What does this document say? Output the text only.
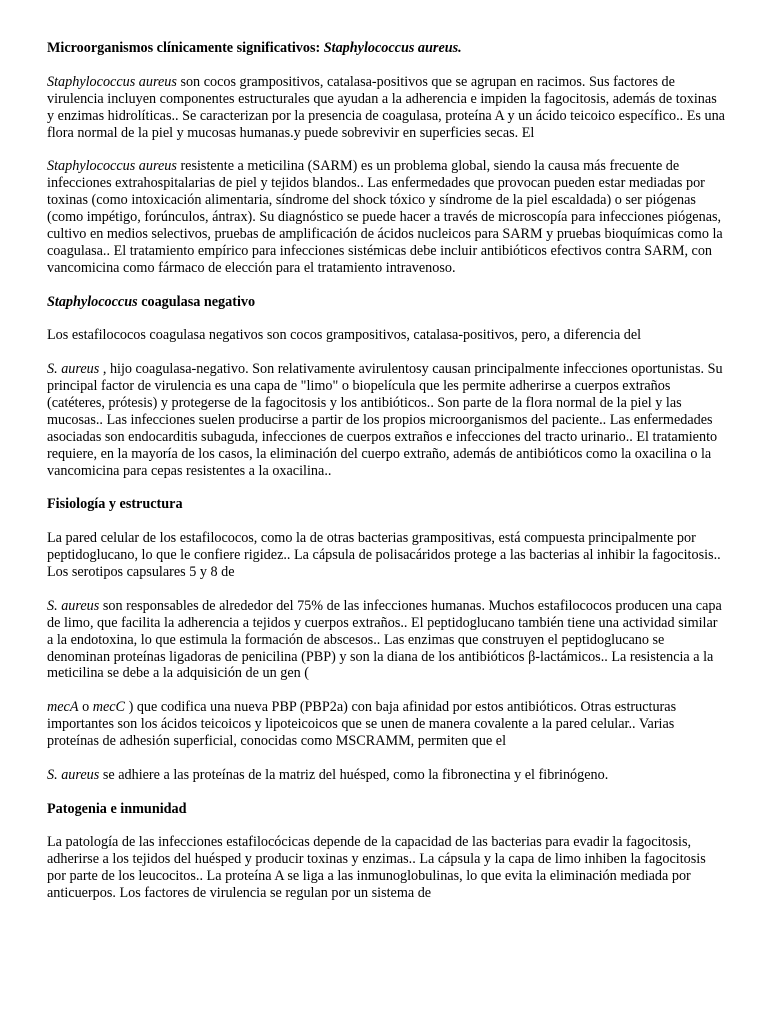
Microorganismos clínicamente significativos: Staphylococcus aureus.

Staphylococcus aureus son cocos grampositivos, catalasa-positivos que se agrupan en racimos. Sus factores de virulencia incluyen componentes estructurales que ayudan a la adherencia e impiden la fagocitosis, además de toxinas y enzimas hidrolíticas.. Se caracterizan por la presencia de coagulasa, proteína A y un ácido teicoico específico.. Es una flora normal de la piel y mucosas humanas.y puede sobrevivir en superficies secas. El

Staphylococcus aureus resistente a meticilina (SARM) es un problema global, siendo la causa más frecuente de infecciones extrahospitalarias de piel y tejidos blandos.. Las enfermedades que provocan pueden estar mediadas por toxinas (como intoxicación alimentaria, síndrome del shock tóxico y síndrome de la piel escaldada) o ser piógenas (como impétigo, forúnculos, ántrax). Su diagnóstico se puede hacer a través de microscopía para infecciones piógenas, cultivo en medios selectivos, pruebas de amplificación de ácidos nucleicos para SARM y pruebas bioquímicas como la coagulasa.. El tratamiento empírico para infecciones sistémicas debe incluir antibióticos efectivos contra SARM, con vancomicina como fármaco de elección para el tratamiento intravenoso.

Staphylococcus coagulasa negativo

Los estafilococos coagulasa negativos son cocos grampositivos, catalasa-positivos, pero, a diferencia del

S. aureus , hijo coagulasa-negativo. Son relativamente avirulentosy causan principalmente infecciones oportunistas. Su principal factor de virulencia es una capa de "limo" o biopelícula que les permite adherirse a cuerpos extraños (catéteres, prótesis) y protegerse de la fagocitosis y los antibióticos.. Son parte de la flora normal de la piel y las mucosas.. Las infecciones suelen producirse a partir de los propios microorganismos del paciente.. Las enfermedades asociadas son endocarditis subaguda, infecciones de cuerpos extraños e infecciones del tracto urinario.. El tratamiento requiere, en la mayoría de los casos, la eliminación del cuerpo extraño, además de antibióticos como la oxacilina o la vancomicina para cepas resistentes a la oxacilina..

Fisiología y estructura

La pared celular de los estafilococos, como la de otras bacterias grampositivas, está compuesta principalmente por peptidoglucano, lo que le confiere rigidez.. La cápsula de polisacáridos protege a las bacterias al inhibir la fagocitosis.. Los serotipos capsulares 5 y 8 de

S. aureus son responsables de alrededor del 75% de las infecciones humanas. Muchos estafilococos producen una capa de limo, que facilita la adherencia a tejidos y cuerpos extraños.. El peptidoglucano también tiene una actividad similar a la endotoxina, lo que estimula la formación de abscesos.. Las enzimas que construyen el peptidoglucano se denominan proteínas ligadoras de penicilina (PBP) y son la diana de los antibióticos β-lactámicos.. La resistencia a la meticilina se debe a la adquisición de un gen (

mecA o mecC ) que codifica una nueva PBP (PBP2a) con baja afinidad por estos antibióticos. Otras estructuras importantes son los ácidos teicoicos y lipoteicoicos que se unen de manera covalente a la pared celular.. Varias proteínas de adhesión superficial, conocidas como MSCRAMM, permiten que el

S. aureus se adhiere a las proteínas de la matriz del huésped, como la fibronectina y el fibrinógeno.

Patogenia e inmunidad

La patología de las infecciones estafilocócicas depende de la capacidad de las bacterias para evadir la fagocitosis, adherirse a los tejidos del huésped y producir toxinas y enzimas.. La cápsula y la capa de limo inhiben la fagocitosis por parte de los leucocitos.. La proteína A se liga a las inmunoglobulinas, lo que evita la eliminación mediada por anticuerpos. Los factores de virulencia se regulan por un sistema de
